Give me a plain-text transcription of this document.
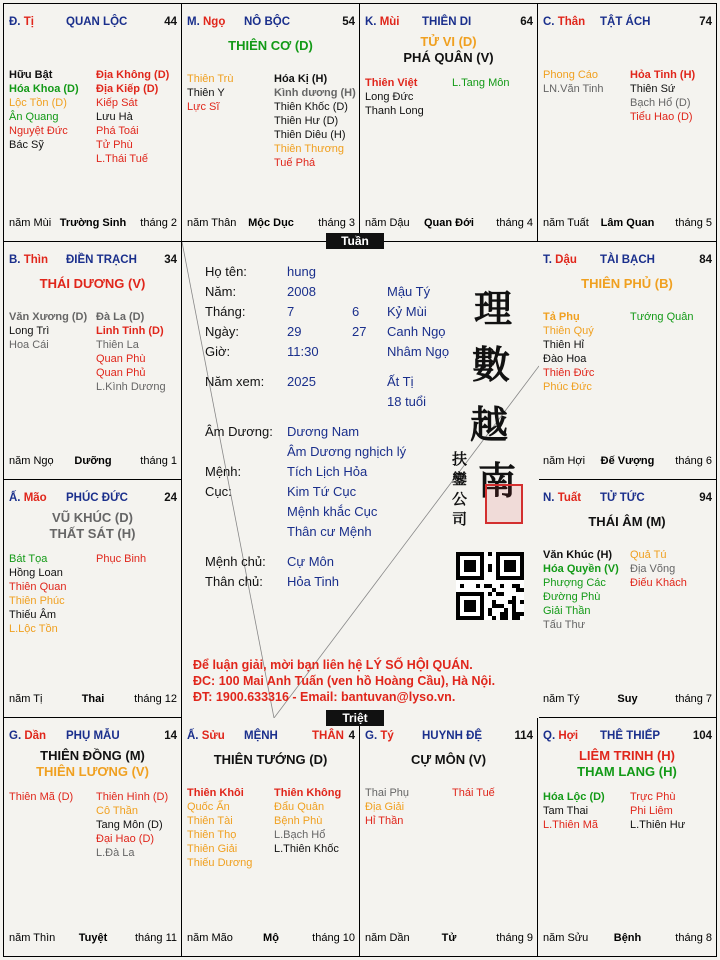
Đ. Tị	QUAN LỘC	44
Hữu Bật
Hóa Khoa (D)
Lộc Tồn (D)
Ân Quang
Nguyệt Đức
Bác Sỹ
Địa Không (D)
Địa Kiếp (D)
Kiếp Sát
Lưu Hà
Phá Toái
Tử Phù
L.Thái Tuế
năm Mùi Trường Sinh	tháng 2
M. Ngọ NÔ BỘC	54
THIÊN CƠ (D)
Thiên Trù
Thiên Y
Lực Sĩ
Hóa Kị (H)
Kình dương (H)
Thiên Khốc (D)
Thiên Hư (D)
Thiên Diêu (H)
Thiên Thương
Tuế Phá
năm Thân	Mộc Dục	tháng 3
K. Mùi THIÊN DI	64
TỬ VI (D)
PHÁ QUÂN (V)
Thiên Việt
Long Đức
Thanh Long
L.Tang Môn
năm Dậu	Quan Đới	tháng 4
C. Thân TẬT ÁCH	74
Phong Cáo
LN.Văn Tinh
Hỏa Tinh (H)
Thiên Sứ
Bạch Hổ (D)
Tiểu Hao (D)
năm Tuất	Lâm Quan	tháng 5
B. Thìn ĐIỀN TRẠCH 34
THÁI DƯƠNG (V)
Văn Xương (D)
Long Trì
Hoa Cái
Đà La (D)
Linh Tinh (D)
Thiên La
Quan Phù
Quan Phủ
L.Kình Dương
năm Ngọ	Dưỡng	tháng 1
T. Dậu TÀI BẠCH	84
THIÊN PHỦ (B)
Tả Phụ
Thiên Quý
Thiên Hỉ
Đào Hoa
Thiên Đức
Phúc Đức
Tướng Quân
năm Hợi	Đế Vượng	tháng 6
Ấ. Mão PHÚC ĐỨC	24
VŨ KHÚC (D)
THẤT SÁT (H)
Bát Tọa
Hồng Loan
Thiên Quan
Thiên Phúc
Thiếu Âm
L.Lộc Tồn
Phục Binh
năm Tị	Thai	tháng 12
N. Tuất TỬ TỨC	94
THÁI ÂM (M)
Văn Khúc (H)
Hóa Quyền (V)
Phượng Các
Đường Phù
Giải Thần
Tấu Thư
Quả Tú
Địa Võng
Điếu Khách
năm Tý	Suy	tháng 7
G. Dần PHỤ MẪU	14
THIÊN ĐỒNG (M)
THIÊN LƯƠNG (V)
Thiên Mã (D) Thiên Hình (D)
Cô Thần
Tang Môn (D)
Đại Hao (D)
L.Đà La
năm Thìn	Tuyệt	tháng 11
Ấ. Sửu MỆNH	4
THÂN
THIÊN TƯỚNG (D)
Thiên Khôi
Quốc Ấn
Thiên Tài
Thiên Thọ
Thiên Giải
Thiếu Dương
Thiên Không
Đẩu Quân
Bệnh Phù
L.Bạch Hổ
L.Thiên Khốc
năm Mão	Mộ	tháng 10
G. Tý HUYNH ĐỆ	114
CỰ MÔN (V)
Thai Phụ
Địa Giải
Hỉ Thần
Thái Tuế
năm Dần	Tử	tháng 9
Q. Hợi THÊ THIẾP	104
LIÊM TRINH (H)
THAM LANG (H)
Hóa Lộc (D)
Tam Thai
L.Thiên Mã
Trực Phù
Phi Liêm
L.Thiên Hư
năm Sửu	Bệnh	tháng 8
Họ tên:	hung
Năm:	2008	Mậu Tý
Tháng:	7	6 Kỷ Mùi
Ngày:	29	27 Canh Ngọ
Giờ:	11:30	Nhâm Ngọ
Năm xem: 2025	Ất Tị
18 tuổi
Âm Dương: Dương Nam
Âm Dương nghịch lý
Mệnh:	Tích Lịch Hỏa
Cục:	Kim Tứ Cục
Mệnh khắc Cục
Thân cư Mệnh
Mệnh chủ: Cự Môn
Thân chủ: Hỏa Tinh
理
數
越
南
扶
鑾
公
司
Để luận giải, mời bạn liên hệ LÝ SỐ HỘI QUÁN.
ĐC: 100 Mai Anh Tuấn (ven hồ Hoàng Cầu), Hà Nội.
ĐT: 1900.633316 - Email: bantuvan@lyso.vn.
Tuần
Triệt
